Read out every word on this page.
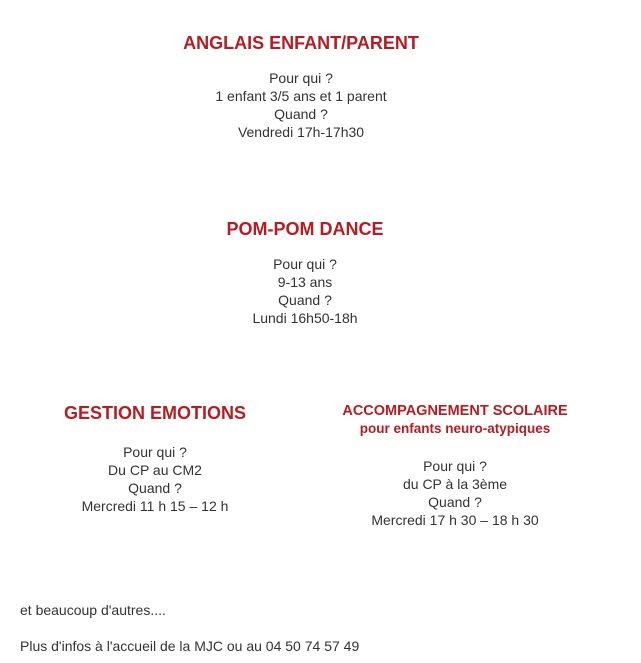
ANGLAIS ENFANT/PARENT
Pour qui ?
1 enfant 3/5 ans et 1 parent
Quand ?
Vendredi 17h-17h30
POM-POM DANCE
Pour qui ?
9-13 ans
Quand ?
Lundi 16h50-18h
GESTION EMOTIONS
Pour qui ?
Du CP au CM2
Quand ?
Mercredi 11 h 15 – 12 h
ACCOMPAGNEMENT SCOLAIRE
pour enfants neuro-atypiques
Pour qui ?
du CP à la 3ème
Quand ?
Mercredi 17 h 30 – 18 h 30
et beaucoup d'autres....
Plus d'infos à l'accueil de la MJC ou au 04 50 74 57 49
